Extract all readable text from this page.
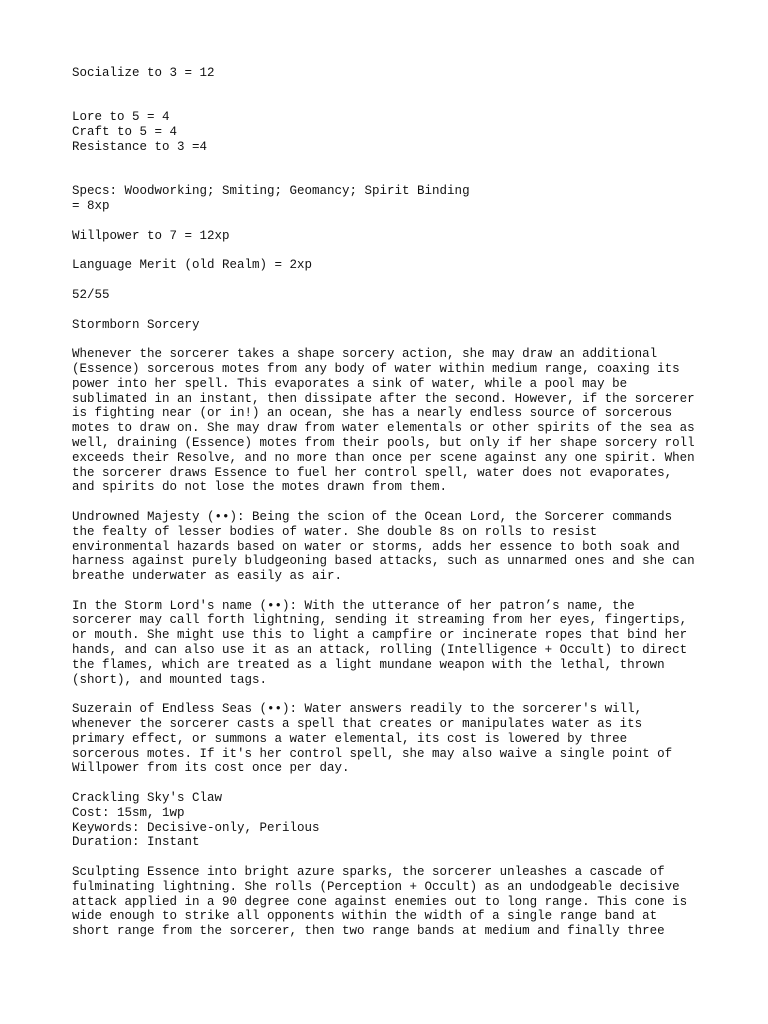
Socialize to 3 = 12

Lore to 5 = 4
Craft to 5 = 4
Resistance to 3 =4

Specs: Woodworking; Smiting; Geomancy; Spirit Binding
= 8xp

Willpower to 7 = 12xp

Language Merit (old Realm) = 2xp

52/55

Stormborn Sorcery

Whenever the sorcerer takes a shape sorcery action, she may draw an additional
(Essence) sorcerous motes from any body of water within medium range, coaxing its
power into her spell. This evaporates a sink of water, while a pool may be
sublimated in an instant, then dissipate after the second. However, if the sorcerer
is fighting near (or in!) an ocean, she has a nearly endless source of sorcerous
motes to draw on. She may draw from water elementals or other spirits of the sea as
well, draining (Essence) motes from their pools, but only if her shape sorcery roll
exceeds their Resolve, and no more than once per scene against any one spirit. When
the sorcerer draws Essence to fuel her control spell, water does not evaporates,
and spirits do not lose the motes drawn from them.

Undrowned Majesty (••): Being the scion of the Ocean Lord, the Sorcerer commands
the fealty of lesser bodies of water. She double 8s on rolls to resist
environmental hazards based on water or storms, adds her essence to both soak and
harness against purely bludgeoning based attacks, such as unnarmed ones and she can
breathe underwater as easily as air.

In the Storm Lord's name (••): With the utterance of her patron’s name, the
sorcerer may call forth lightning, sending it streaming from her eyes, fingertips,
or mouth. She might use this to light a campfire or incinerate ropes that bind her
hands, and can also use it as an attack, rolling (Intelligence + Occult) to direct
the flames, which are treated as a light mundane weapon with the lethal, thrown
(short), and mounted tags.

Suzerain of Endless Seas (••): Water answers readily to the sorcerer's will,
whenever the sorcerer casts a spell that creates or manipulates water as its
primary effect, or summons a water elemental, its cost is lowered by three
sorcerous motes. If it's her control spell, she may also waive a single point of
Willpower from its cost once per day.

Crackling Sky's Claw
Cost: 15sm, 1wp
Keywords: Decisive-only, Perilous
Duration: Instant

Sculpting Essence into bright azure sparks, the sorcerer unleashes a cascade of
fulminating lightning. She rolls (Perception + Occult) as an undodgeable decisive
attack applied in a 90 degree cone against enemies out to long range. This cone is
wide enough to strike all opponents within the width of a single range band at
short range from the sorcerer, then two range bands at medium and finally three
